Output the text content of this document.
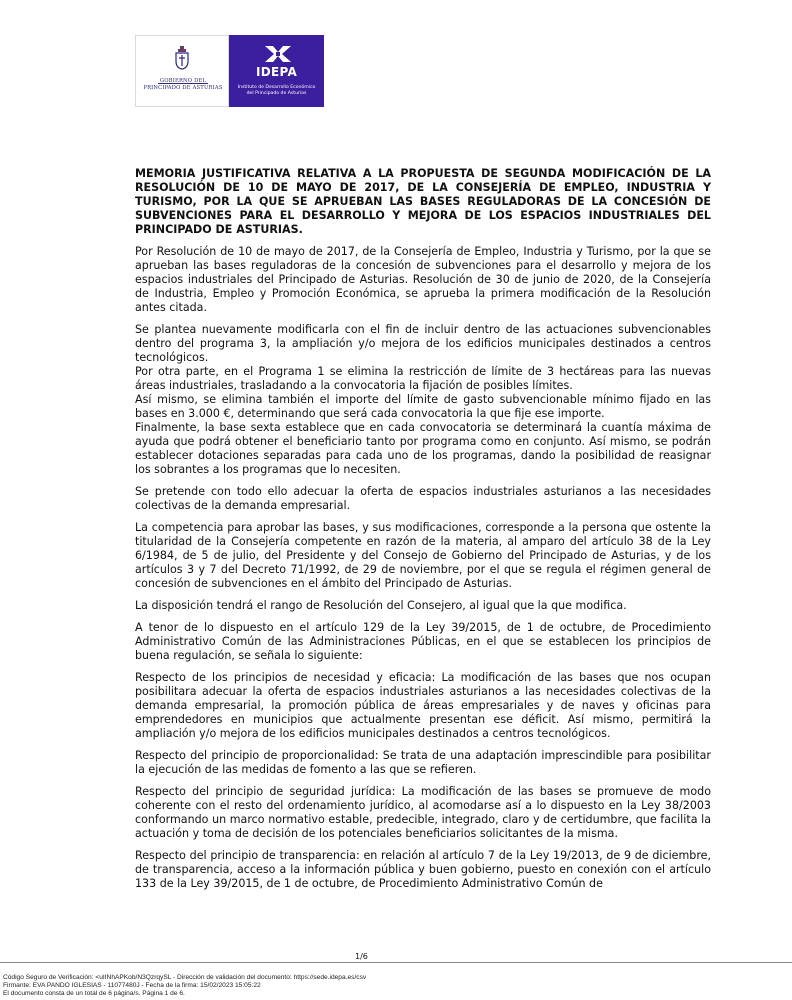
GOBIERNO DEL
PRINCIPADO DE ASTURIAS
IDEPA
Instituto de Desarrollo Económico
del Principado de Asturias
MEMORIA JUSTIFICATIVA RELATIVA A LA PROPUESTA DE SEGUNDA MODIFICACIÓN DE LA RESOLUCIÓN DE 10 DE MAYO DE 2017, DE LA CONSEJERÍA DE EMPLEO, INDUSTRIA Y TURISMO, POR LA QUE SE APRUEBAN LAS BASES REGULADORAS DE LA CONCESIÓN DE SUBVENCIONES PARA EL DESARROLLO Y MEJORA DE LOS ESPACIOS INDUSTRIALES DEL PRINCIPADO DE ASTURIAS.

Por Resolución de 10 de mayo de 2017, de la Consejería de Empleo, Industria y Turismo, por la que se aprueban las bases reguladoras de la concesión de subvenciones para el desarrollo y mejora de los espacios industriales del Principado de Asturias. Resolución de 30 de junio de 2020, de la Consejería de Industria, Empleo y Promoción Económica, se aprueba la primera modificación de la Resolución antes citada.

Se plantea nuevamente modificarla con el fin de incluir dentro de las actuaciones subvencionables dentro del programa 3, la ampliación y/o mejora de los edificios municipales destinados a centros tecnológicos.

Por otra parte, en el Programa 1 se elimina la restricción de límite de 3 hectáreas para las nuevas áreas industriales, trasladando a la convocatoria la fijación de posibles límites.

Así mismo, se elimina también el importe del límite de gasto subvencionable mínimo fijado en las bases en 3.000 €, determinando que será cada convocatoria la que fije ese importe.

Finalmente, la base sexta establece que en cada convocatoria se determinará la cuantía máxima de ayuda que podrá obtener el beneficiario tanto por programa como en conjunto. Así mismo, se podrán establecer dotaciones separadas para cada uno de los programas, dando la posibilidad de reasignar los sobrantes a los programas que lo necesiten.

Se pretende con todo ello adecuar la oferta de espacios industriales asturianos a las necesidades colectivas de la demanda empresarial.

La competencia para aprobar las bases, y sus modificaciones, corresponde a la persona que ostente la titularidad de la Consejería competente en razón de la materia, al amparo del artículo 38 de la Ley 6/1984, de 5 de julio, del Presidente y del Consejo de Gobierno del Principado de Asturias, y de los artículos 3 y 7 del Decreto 71/1992, de 29 de noviembre, por el que se regula el régimen general de concesión de subvenciones en el ámbito del Principado de Asturias.

La disposición tendrá el rango de Resolución del Consejero, al igual que la que modifica.

A tenor de lo dispuesto en el artículo 129 de la Ley 39/2015, de 1 de octubre, de Procedimiento Administrativo Común de las Administraciones Públicas, en el que se establecen los principios de buena regulación, se señala lo siguiente:

Respecto de los principios de necesidad y eficacia: La modificación de las bases que nos ocupan posibilitara adecuar la oferta de espacios industriales asturianos a las necesidades colectivas de la demanda empresarial, la promoción pública de áreas empresariales y de naves y oficinas para emprendedores en municipios que actualmente presentan ese déficit. Así mismo, permitirá la ampliación y/o mejora de los edificios municipales destinados a centros tecnológicos.

Respecto del principio de proporcionalidad: Se trata de una adaptación imprescindible para posibilitar la ejecución de las medidas de fomento a las que se refieren.

Respecto del principio de seguridad jurídica: La modificación de las bases se promueve de modo coherente con el resto del ordenamiento jurídico, al acomodarse así a lo dispuesto en la Ley 38/2003 conformando un marco normativo estable, predecible, integrado, claro y de certidumbre, que facilita la actuación y toma de decisión de los potenciales beneficiarios solicitantes de la misma.

Respecto del principio de transparencia: en relación al artículo 7 de la Ley 19/2013, de 9 de diciembre, de transparencia, acceso a la información pública y buen gobierno, puesto en conexión con el artículo 133 de la Ley 39/2015, de 1 de octubre, de Procedimiento Administrativo Común de

1/6
Código Seguro de Verificación: <uIINhAPKob/N3QzrqySL - Dirección de validación del documento: https://sede.idepa.es/csv
Firmante: EVA PANDO IGLESIAS - 11077480J - Fecha de la firma: 15/02/2023 15:05:22
El documento consta de un total de 6 página/s. Página 1 de 6.
